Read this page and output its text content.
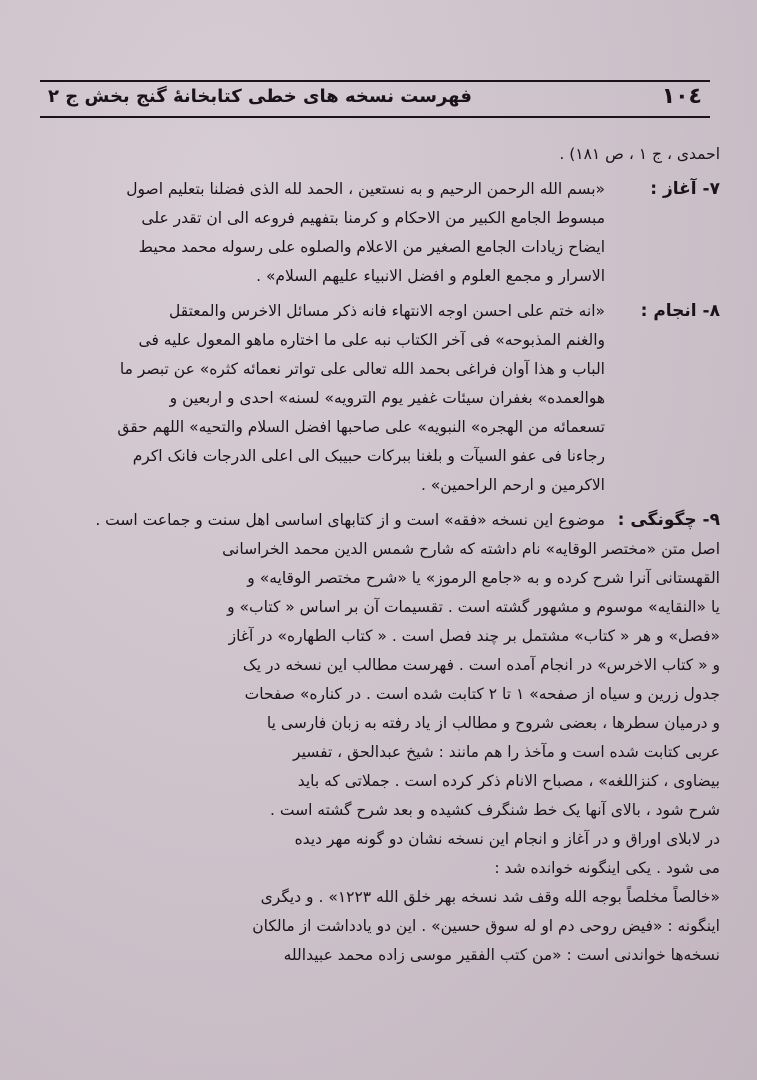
١٠٤
فهرست نسخه های خطی کتابخانهٔ گنج بخش ج ۲
احمدی ، ج ۱ ، ص ۱۸۱) .
۷- آغاز :
«بسم الله الرحمن الرحیم و به نستعین ، الحمد لله الذی فضلنا بتعلیم اصول
مبسوط الجامع الکبیر من الاحکام و کرمنا بتفهیم فروعه الی ان تقدر علی
ایضاح زیادات الجامع الصغیر من الاعلام والصلوه علی رسوله محمد محیط
الاسرار و مجمع العلوم و افضل الانبیاء علیهم السلام» .
۸- انجام :
«انه ختم علی احسن اوجه الانتهاء فانه ذکر مسائل الاخرس والمعتقل
والغنم المذبوحه» فی آخر الکتاب نبه علی ما اختاره ماهو المعول علیه فی
الباب و هذا آوان فراغی بحمد الله تعالی علی تواتر نعمائه کثره» عن تبصر ما
هوالعمده» بغفران سیئات غفیر یوم الترویه» لسنه» احدی و اربعین و
تسعمائه من الهجره» النبویه» علی صاحبها افضل السلام والتحیه» اللهم حقق
رجاءنا فی عفو السیآت و بلغنا ببرکات حبیبک الی اعلی الدرجات فانک اکرم
الاکرمین و ارحم الراحمین» .
۹- چگونگی :
موضوع این نسخه «فقه» است و از کتابهای اساسی اهل سنت و جماعت است .
اصل متن «مختصر الوقایه» نام داشته که شارح شمس الدین محمد الخراسانی
القهستانی آنرا شرح کرده و به «جامع الرموز» یا «شرح مختصر الوقایه» و
یا «النقایه» موسوم و مشهور گشته است . تقسیمات آن بر اساس « کتاب» و
«فصل» و هر « کتاب» مشتمل بر چند فصل است . « کتاب الطهاره» در آغاز
و « کتاب الاخرس» در انجام آمده است . فهرست مطالب این نسخه در یک
جدول زرین و سیاه از صفحه» ۱ تا ۲ کتابت شده است . در کناره» صفحات
و درمیان سطرها ، بعضی شروح و مطالب از یاد رفته به زبان فارسی یا
عربی کتابت شده است و مآخذ را هم مانند : شیخ عبدالحق ، تفسیر
بیضاوی ، کنزاللغه» ، مصباح الانام ذکر کرده است . جملاتی که باید
شرح شود ، بالای آنها یک خط شنگرف کشیده و بعد شرح گشته است .
در لابلای اوراق و در آغاز و انجام این نسخه نشان دو گونه مهر دیده
می شود . یکی اینگونه خوانده شد :
«خالصاً مخلصاً بوجه الله وقف شد نسخه بهر خلق الله ۱۲۲۳» . و دیگری
اینگونه : «فیض روحی دم او له سوق حسین» . این دو یادداشت از مالکان
نسخه‌ها خواندنی است : «من کتب الفقیر موسی زاده محمد عبیدالله
